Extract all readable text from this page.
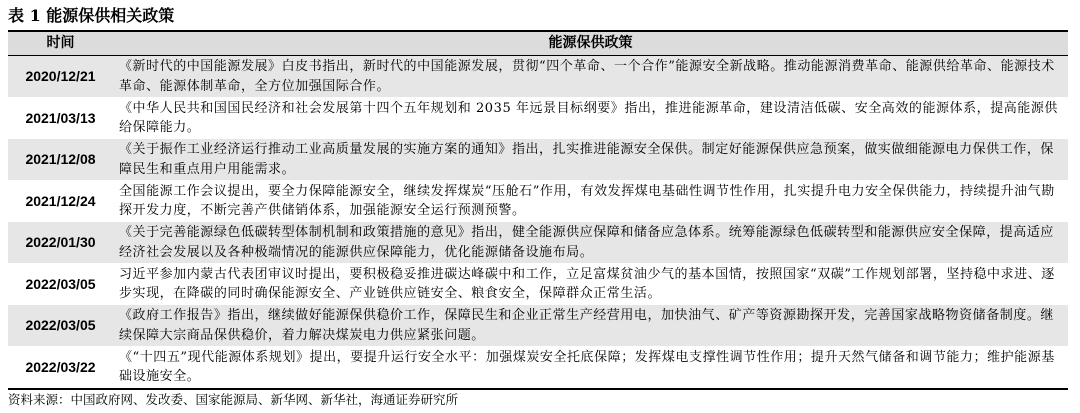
表 1 能源保供相关政策
时间	能源保供政策
2020/12/21
《新时代的中国能源发展》白皮书指出，新时代的中国能源发展，贯彻“四个革命、一个合作”能源安全新战略。推动能源消费革命、能源供给革命、能源技术革命、能源体制革命，全方位加强国际合作。
2021/03/13
《中华人民共和国国民经济和社会发展第十四个五年规划和 2035 年远景目标纲要》指出，推进能源革命，建设清洁低碳、安全高效的能源体系，提高能源供给保障能力。
2021/12/08
《关于振作工业经济运行推动工业高质量发展的实施方案的通知》指出，扎实推进能源安全保供。制定好能源保供应急预案，做实做细能源电力保供工作，保障民生和重点用户用能需求。
2021/12/24
全国能源工作会议提出，要全力保障能源安全，继续发挥煤炭“压舱石”作用，有效发挥煤电基础性调节性作用，扎实提升电力安全保供能力，持续提升油气勘探开发力度，不断完善产供储销体系，加强能源安全运行预测预警。
2022/01/30
《关于完善能源绿色低碳转型体制机制和政策措施的意见》指出，健全能源供应保障和储备应急体系。统筹能源绿色低碳转型和能源供应安全保障，提高适应经济社会发展以及各种极端情况的能源供应保障能力，优化能源储备设施布局。
2022/03/05
习近平参加内蒙古代表团审议时提出，要积极稳妥推进碳达峰碳中和工作，立足富煤贫油少气的基本国情，按照国家“双碳”工作规划部署，坚持稳中求进、逐步实现，在降碳的同时确保能源安全、产业链供应链安全、粮食安全，保障群众正常生活。
2022/03/05
《政府工作报告》指出，继续做好能源保供稳价工作，保障民生和企业正常生产经营用电，加快油气、矿产等资源勘探开发，完善国家战略物资储备制度。继续保障大宗商品保供稳价，着力解决煤炭电力供应紧张问题。
2022/03/22
《“十四五”现代能源体系规划》提出，要提升运行安全水平：加强煤炭安全托底保障；发挥煤电支撑性调节性作用；提升天然气储备和调节能力；维护能源基础设施安全。
资料来源：中国政府网、发改委、国家能源局、新华网、新华社，海通证券研究所
